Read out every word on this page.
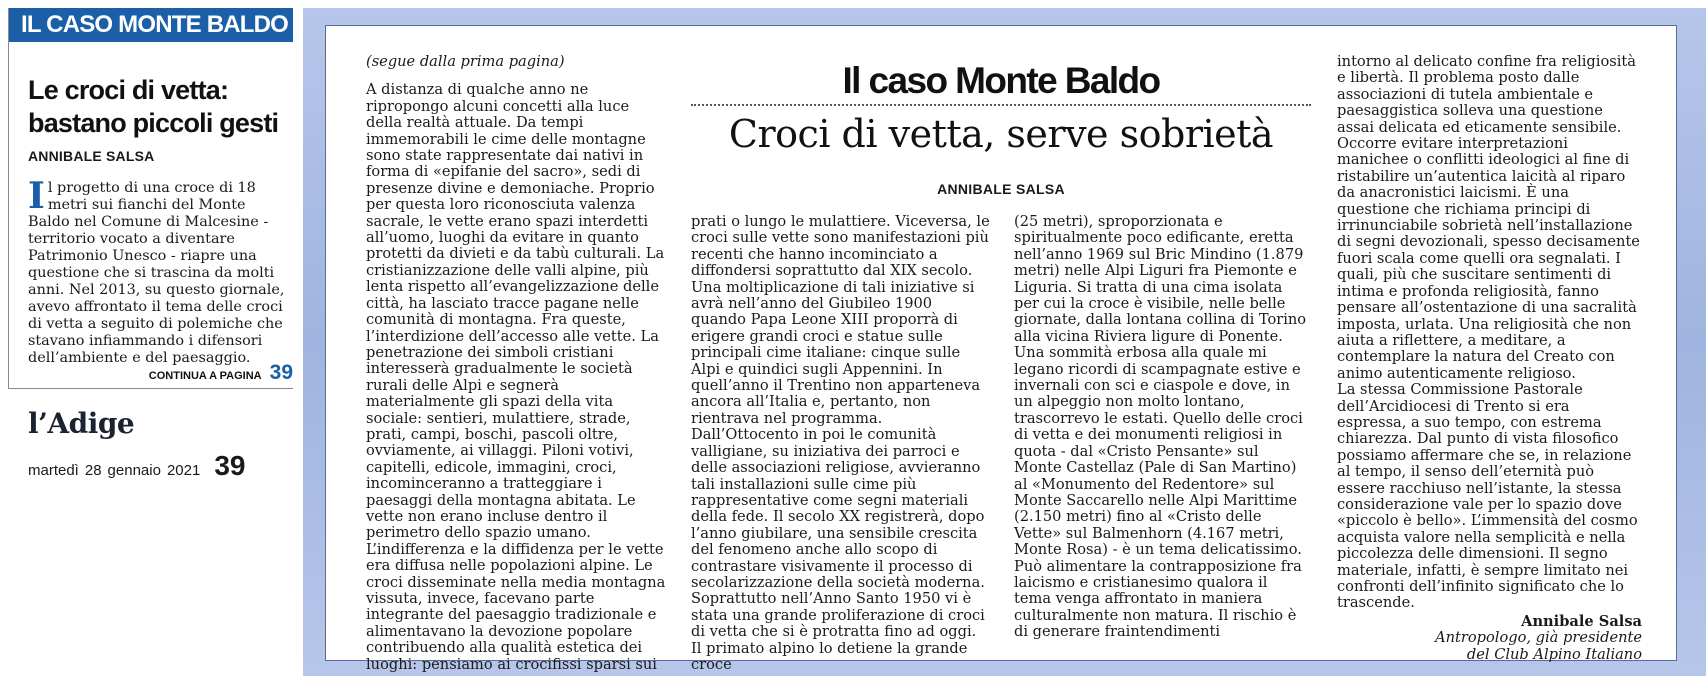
IL CASO MONTE BALDO
Le croci di vetta:
bastano piccoli gesti
ANNIBALE SALSA
Il progetto di una croce di 18 metri sui fianchi del Monte Baldo nel Comune di Malcesine - territorio vocato a diventare Patrimonio Unesco - riapre una questione che si trascina da molti anni. Nel 2013, su questo giornale, avevo affrontato il tema delle croci di vetta a seguito di polemiche che stavano infiammando i difensori dell’ambiente e del paesaggio.
CONTINUA A PAGINA 39
l’Adige
martedì 28 gennaio 2021 39

(segue dalla prima pagina)

A distanza di qualche anno ne ripropongo alcuni concetti alla luce della realtà attuale. Da tempi immemorabili le cime delle montagne sono state rappresentate dai nativi in forma di «epifanie del sacro», sedi di presenze divine e demoniache. Proprio per questa loro riconosciuta valenza sacrale, le vette erano spazi interdetti all’uomo, luoghi da evitare in quanto protetti da divieti e da tabù culturali. La cristianizzazione delle valli alpine, più lenta rispetto all’evangelizzazione delle città, ha lasciato tracce pagane nelle comunità di montagna. Fra queste, l’interdizione dell’accesso alle vette. La penetrazione dei simboli cristiani interesserà gradualmente le società rurali delle Alpi e segnerà materialmente gli spazi della vita sociale: sentieri, mulattiere, strade, prati, campi, boschi, pascoli oltre, ovviamente, ai villaggi. Piloni votivi, capitelli, edicole, immagini, croci, incominceranno a tratteggiare i paesaggi della montagna abitata. Le vette non erano incluse dentro il perimetro dello spazio umano. L’indifferenza e la diffidenza per le vette era diffusa nelle popolazioni alpine. Le croci disseminate nella media montagna vissuta, invece, facevano parte integrante del paesaggio tradizionale e alimentavano la devozione popolare contribuendo alla qualità estetica dei luoghi: pensiamo ai crocifissi sparsi sui

Il caso Monte Baldo
Croci di vetta, serve sobrietà
ANNIBALE SALSA

prati o lungo le mulattiere. Viceversa, le croci sulle vette sono manifestazioni più recenti che hanno incominciato a diffondersi soprattutto dal XIX secolo. Una moltiplicazione di tali iniziative si avrà nell’anno del Giubileo 1900 quando Papa Leone XIII proporrà di erigere grandi croci e statue sulle principali cime italiane: cinque sulle Alpi e quindici sugli Appennini. In quell’anno il Trentino non apparteneva ancora all’Italia e, pertanto, non rientrava nel programma. Dall’Ottocento in poi le comunità valligiane, su iniziativa dei parroci e delle associazioni religiose, avvieranno tali installazioni sulle cime più rappresentative come segni materiali della fede. Il secolo XX registrerà, dopo l’anno giubilare, una sensibile crescita del fenomeno anche allo scopo di contrastare visivamente il processo di secolarizzazione della società moderna. Soprattutto nell’Anno Santo 1950 vi è stata una grande proliferazione di croci di vetta che si è protratta fino ad oggi. Il primato alpino lo detiene la grande croce

(25 metri), sproporzionata e spiritualmente poco edificante, eretta nell’anno 1969 sul Bric Mindino (1.879 metri) nelle Alpi Liguri fra Piemonte e Liguria. Si tratta di una cima isolata per cui la croce è visibile, nelle belle giornate, dalla lontana collina di Torino alla vicina Riviera ligure di Ponente. Una sommità erbosa alla quale mi legano ricordi di scampagnate estive e invernali con sci e ciaspole e dove, in un alpeggio non molto lontano, trascorrevo le estati. Quello delle croci di vetta e dei monumenti religiosi in quota - dal «Cristo Pensante» sul Monte Castellaz (Pale di San Martino) al «Monumento del Redentore» sul Monte Saccarello nelle Alpi Marittime (2.150 metri) fino al «Cristo delle Vette» sul Balmenhorn (4.167 metri, Monte Rosa) - è un tema delicatissimo. Può alimentare la contrapposizione fra laicismo e cristianesimo qualora il tema venga affrontato in maniera culturalmente non matura. Il rischio è di generare fraintendimenti

intorno al delicato confine fra religiosità e libertà. Il problema posto dalle associazioni di tutela ambientale e paesaggistica solleva una questione assai delicata ed eticamente sensibile. Occorre evitare interpretazioni manichee o conflitti ideologici al fine di ristabilire un’autentica laicità al riparo da anacronistici laicismi. È una questione che richiama principi di irrinunciabile sobrietà nell’installazione di segni devozionali, spesso decisamente fuori scala come quelli ora segnalati. I quali, più che suscitare sentimenti di intima e profonda religiosità, fanno pensare all’ostentazione di una sacralità imposta, urlata. Una religiosità che non aiuta a riflettere, a meditare, a contemplare la natura del Creato con animo autenticamente religioso.

La stessa Commissione Pastorale dell’Arcidiocesi di Trento si era espressa, a suo tempo, con estrema chiarezza. Dal punto di vista filosofico possiamo affermare che se, in relazione al tempo, il senso dell’eternità può essere racchiuso nell’istante, la stessa considerazione vale per lo spazio dove «piccolo è bello». L’immensità del cosmo acquista valore nella semplicità e nella piccolezza delle dimensioni. Il segno materiale, infatti, è sempre limitato nei confronti dell’infinito significato che lo trascende.

Annibale Salsa

Antropologo, già presidente

del Club Alpino Italiano
